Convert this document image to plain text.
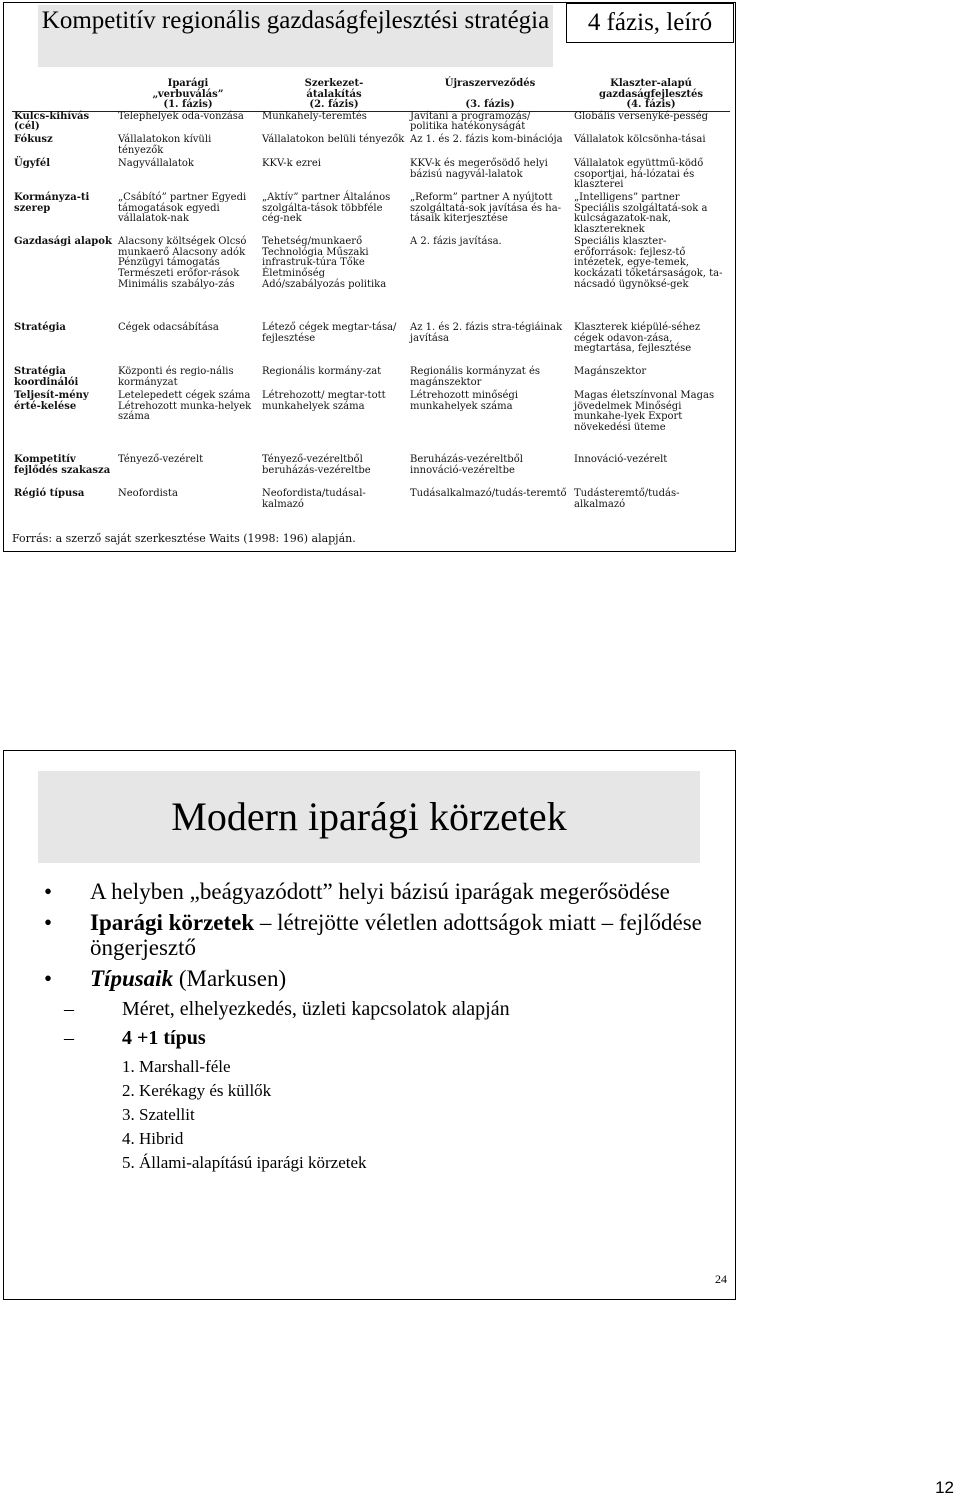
Kompetitív regionális gazdaságfejlesztési stratégia	4 fázis, leíró
	Iparági	Szerkezet-	Újraszerveződés	Klaszter-alapú
	„verbuválás”	átalakítás		gazdaságfejlesztés
	(1. fázis)	(2. fázis)	(3. fázis)	(4. fázis)
Kulcs-kihívás (cél)	Telephelyek oda-vonzása	Munkahely-teremtés	Javítani a programozás/ politika hatékonyságát	Globális versenyké-pesség
Fókusz	Vállalatokon kívüli tényezők	Vállalatokon belüli tényezők	Az 1. és 2. fázis kom-binációja	Vállalatok kölcsönha-tásai
Ügyfél	Nagyvállalatok	KKV-k ezrei	KKV-k és megerősödő helyi bázisú nagyvál-lalatok	Vállalatok együttmű-ködő csoportjai, há-lózatai és klaszterei
Kormányza-ti szerep	„Csábító” partner Egyedi támogatások egyedi vállalatok-nak	„Aktív” partner Általános szolgálta-tások többféle cég-nek	„Reform” partner A nyújtott szolgáltatá-sok javítása és ha-tásaik kiterjesztése	„Intelligens” partner Speciális szolgáltatá-sok a kulcságazatok-nak, klasztereknek
Gazdasági alapok	Alacsony költségek Olcsó munkaerő Alacsony adók Pénzügyi támogatás Természeti erőfor-rások Minimális szabályo-zás	Tehetség/munkaerő Technológia Műszaki infrastruk-túra Tőke Életminőség Adó/szabályozás politika	A 2. fázis javítása.	Speciális klaszter-erőforrások: fejlesz-tő intézetek, egye-temek, kockázati tőketársaságok, ta-nácsadó ügynöksé-gek
Stratégia	Cégek odacsábítása	Létező cégek megtar-tása/ fejlesztése	Az 1. és 2. fázis stra-tégiáinak javítása	Klaszterek kiépülé-séhez cégek odavon-zása, megtartása, fejlesztése
Stratégia koordinálói	Központi és regio-nális kormányzat	Regionális kormány-zat	Regionális kormányzat és magánszektor	Magánszektor
Teljesít-mény érté-kelése	Letelepedett cégek száma Létrehozott munka-helyek száma	Létrehozott/ megtar-tott munkahelyek száma	Létrehozott minőségi munkahelyek száma	Magas életszínvonal Magas jövedelmek Minőségi munkahe-lyek Export növekedési üteme
Kompetitív fejlődés szakasza	Tényező-vezérelt	Tényező-vezéreltből beruházás-vezéreltbe	Beruházás-vezéreltből innováció-vezéreltbe	Innováció-vezérelt
Régió típusa	Neofordista	Neofordista/tudásal-kalmazó	Tudásalkalmazó/tudás-teremtő	Tudásteremtő/tudás-alkalmazó
Forrás: a szerző saját szerkesztése Waits (1998: 196) alapján.
Modern iparági körzetek
• A helyben „beágyazódott” helyi bázisú iparágak megerősödése
• Iparági körzetek – létrejötte véletlen adottságok miatt – fejlődése öngerjesztő
• Típusaik (Markusen)
– Méret, elhelyezkedés, üzleti kapcsolatok alapján
– 4 +1 típus
1. Marshall-féle
2. Kerékagy és küllők
3. Szatellit
4. Hibrid
5. Állami-alapítású iparági körzetek
24
12
